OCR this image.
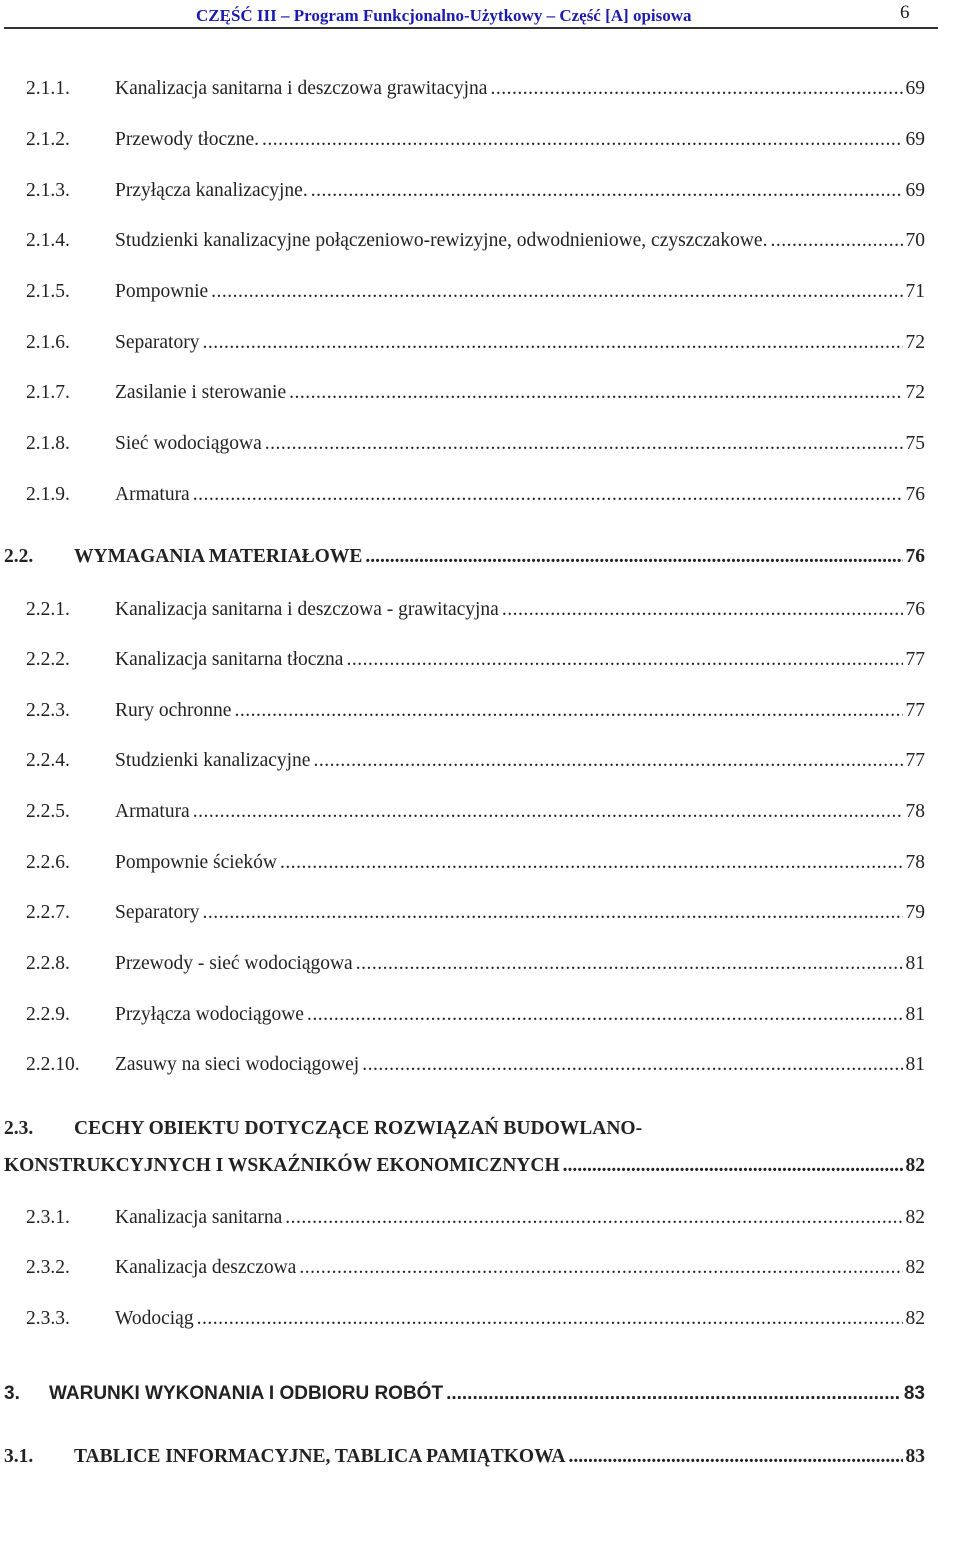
CZĘŚĆ III – Program Funkcjonalno-Użytkowy – Część [A] opisowa	6
2.1.1.	Kanalizacja sanitarna i deszczowa grawitacyjna .....	69
2.1.2.	Przewody tłoczne. .....	69
2.1.3.	Przyłącza kanalizacyjne. .....	69
2.1.4.	Studzienki kanalizacyjne połączeniowo-rewizyjne, odwodnieniowe, czyszczakowe. .....	70
2.1.5.	Pompownie .....	71
2.1.6.	Separatory .....	72
2.1.7.	Zasilanie i sterowanie .....	72
2.1.8.	Sieć wodociągowa .....	75
2.1.9.	Armatura .....	76
2.2.	WYMAGANIA MATERIAŁOWE .....	76
2.2.1.	Kanalizacja sanitarna i deszczowa - grawitacyjna .....	76
2.2.2.	Kanalizacja sanitarna tłoczna .....	77
2.2.3.	Rury ochronne .....	77
2.2.4.	Studzienki kanalizacyjne .....	77
2.2.5.	Armatura .....	78
2.2.6.	Pompownie ścieków .....	78
2.2.7.	Separatory .....	79
2.2.8.	Przewody - sieć wodociągowa .....	81
2.2.9.	Przyłącza wodociągowe .....	81
2.2.10.	Zasuwy na sieci wodociągowej .....	81
2.3.	CECHY OBIEKTU DOTYCZĄCE ROZWIĄZAŃ BUDOWLANO-
KONSTRUKCYJNYCH I WSKAŹNIKÓW EKONOMICZNYCH .....	82
2.3.1.	Kanalizacja sanitarna .....	82
2.3.2.	Kanalizacja deszczowa .....	82
2.3.3.	Wodociąg .....	82
3.	WARUNKI WYKONANIA I ODBIORU ROBÓT .....	83
3.1.	TABLICE INFORMACYJNE, TABLICA PAMIĄTKOWA .....	83
